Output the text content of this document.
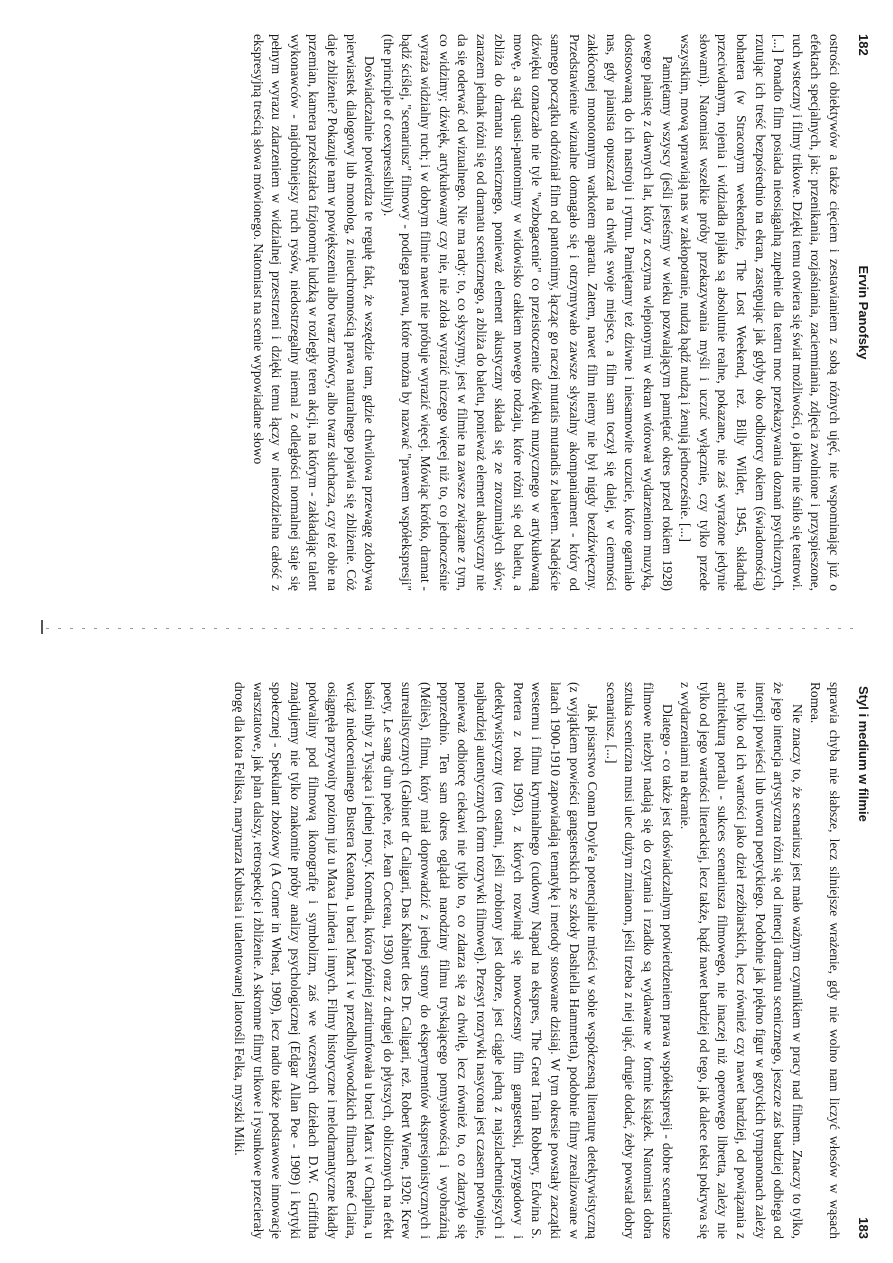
182
Ervin Panofsky

ostrości obiektywów a także cięciem i zestawianiem z sobą różnych ujęć, nie wspominając już o efektach specjalnych, jak: przenikania, rozjaśniania, zaciemniania, zdjęcia zwolnione i przyspieszone, ruch wsteczny i filmy trikowe. Dzięki temu otwiera się świat możliwości, o jakim nie śniło się teatrowi. [...] Ponadto film posiada nieosiągalną zupełnie dla teatru moc przekazywania doznań psychicznych, rzutując ich treść bezpośrednio na ekran, zastępując jak gdyby oko odbiorcy okiem (świadomością) bohatera (w Straconym weekendzie, The Lost Weekend, reż. Billy Wilder, 1945, składnął przeciwdanym, rojenia i widziadła pijaka są absolutnie realne, pokazane, nie zaś wyrażone jedynie słowami). Natomiast wszelkie próby przekazywania myśli i uczuć wyłącznie, czy tylko przede wszystkim, mową wprawiają nas w zakłopotanie, nudzą bądź nudzą i żenują jednocześnie. [...]

Pamiętamy wszyscy (jeśli jesteśmy w wieku pozwalającym pamiętać okres przed rokiem 1928) owego pianistę z dawnych lat, który z oczyma wlepionymi w ekran wtórował wydarzeniom muzyką, dostosowaną do ich nastroju i rytmu. Pamiętamy też dziwne i niesamowite uczucie, które ogarniało nas, gdy pianista opuszczał na chwilę swoje miejsce, a film sam toczył się dalej, w ciemności zakłóconej monotonnym warkotem aparatu. Zatem, nawet film niemy nie był nigdy bezdźwięczny. Przedstawienie wizualne domagało się i otrzymywało zawsze słyszalny akompaniament - który od samego początku odróżniał film od pantomimy, łącząc go raczej mutatis mutandis z baletem. Nadejście dźwięku oznaczało nie tyle "wzbogacenie" co przeistoczenie dźwięku muzycznego w artykułowaną mowę, a stąd quasi-pantomimy w widowisko całkiem nowego rodzaju, które różni się od baletu, a zbliża do dramatu scenicznego, ponieważ element akustyczny składa się ze zrozumiałych słów; zarazem jednak różni się od dramatu scenicznego, a zbliża do baletu, ponieważ element akustyczny nie da się oderwać od wizualnego. Nie ma rady: to, co słyszymy, jest w filmie na zawsze związane z tym, co widzimy; dźwięk, artykułowany czy nie, nie zdoła wyrazić niczego więcej niż to, co jednocześnie wyraża widzialny ruch; i w dobrym filmie nawet nie próbuje wyrazić więcej. Mówiąc krótko, dramat - bądź ściślej, "scenariusz" filmowy - podlega prawu, które można by nazwać "prawem współekspresji" (the principle of coexpressibility).

Doświadczalnie potwierdza te regułę fakt, że wszędzie tam, gdzie chwilowa przewagę zdobywa pierwiastek dialogowy lub monolog, z nieuchronnością prawa naturalnego pojawia się zbliżenie. Cóż daje zbliżenie? Pokazuje nam w powiększeniu albo twarz mówcy, albo twarz słuchacza, czy też obie na przemian, kamera przekształca fizjonomię ludzką w rozległy teren akcji, na którym - zakładając talent wykonawców - najdrobniejszy ruch rysów, niedostrzegalny niemal z odległości normalnej staje się pełnym wyrazu zdarzeniem w widzialnej przestrzeni i dzięki temu łączy w nierozdzielna całość z ekspresyjną treścią słowa mówionego. Natomiast na scenie wypowiadane słowo

Styl i medium w filmie
183

sprawia chyba nie słabsze, lecz silniejsze wrażenie, gdy nie wolno nam liczyć włosów w wąsach Romea.

Nie znaczy to, że scenariusz jest mało ważnym czynnikiem w pracy nad filmem. Znaczy to tylko, że jego intencja artystyczna różni się od intencji dramatu scenicznego, jeszcze zaś bardziej odbiega od intencji powieści lub utworu poetyckiego. Podobnie jak piękno figur w gotyckich tympanonach zależy nie tylko od ich wartości jako dzieł rzeźbiarskich, lecz również czy nawet bardziej, od powiązania z architekturą portalu - sukces scenariusza filmowego, nie inaczej niż operowego libretta, zależy nie tylko od jego wartości literackiej, lecz także, bądź nawet bardziej od tego, jak dalece tekst pokrywa się z wydarzeniami na ekranie.

Dlatego - co także jest doświadczalnym potwierdzeniem prawa współekspresji - dobre scenariusze filmowe niezbyt nadają się do czytania i rzadko są wydawane w formie książek. Natomiast dobra sztuka sceniczna musi ulec dużym zmianom, jeśli trzeba z niej ująć, drugie dodać, żeby powstał dobry scenariusz. [...]

Jak pisarstwo Conan Doyle'a potencjalnie mieści w sobie współczesną literaturę detektywistyczną (z wyjątkiem powieści gangsterskich ze szkoły Dashiella Hammetta), podobnie filmy zrealizowane w latach 1900-1910 zapowiadają tematykę i metody stosowane dzisiaj. W tym okresie powstały zaczątki westernu i filmu kryminalnego (cudowny Napad na ekspres, The Great Train Robbery, Edwina S. Portera z roku 1903), z których rozwinął się nowoczesny film gangsterski, przygodowy i detektywistyczny (ten ostatni, jeśli zrobiony jest dobrze, jest ciągle jedną z najszlachetniejszych i najbardziej autentycznych form rozrywki filmowej). Przesyt rozrywki nasycona jest czasem potwojnie, ponieważ odbiorcę ciekawi nie tylko to, co zdarza się za chwilę, lecz również to, co zdarzyło się poprzednio. Ten sam okres oglądał narodziny filmu tryskającego pomysłowością i wyobraźnią (Méliès), filmu, który miał doprowadzić z jednej strony do eksperymentów ekspresjonistycznych i surrealistycznych (Gabinet dr Caligari, Das Kabinett des Dr. Caligari, reż. Robert Wiene, 1920; Krew poety, Le sang d'un poète, reż. Jean Cocteau, 1930) oraz z drugiej do płytszych, obliczonych na efekt baśni niby z Tysiąca i jednej nocy. Komedia, która później zatriumfowała u braci Marx i w Chaplina, u wciąż niedocenianego Bustera Keatona, u braci Marx i w przedhollywoodzkich filmach René Claira, osiągnęła przywoity poziom już u Maxa Lindera i innych. Filmy historyczne i melodramatyczne kładły podwaliny pod filmową ikonografię i symbolizm, zaś we wczesnych dziełach D.W. Griffitha znajdujemy nie tylko znakomite próby analizy psychologicznej (Edgar Allan Poe - 1909) i krytyki społecznej - Spekulant zbożowy (A Corner in Wheat, 1909), lecz nadto także podstawowe innowacje warsztatowe, jak plan dalszy, retrospekcje i zbliżenie. A skromne filmy trikowe i rysunkowe przecierały drogę dla kota Feliksa, marynarza Kubusia i utalentowanej latorośli Felka, myszki Miki.
